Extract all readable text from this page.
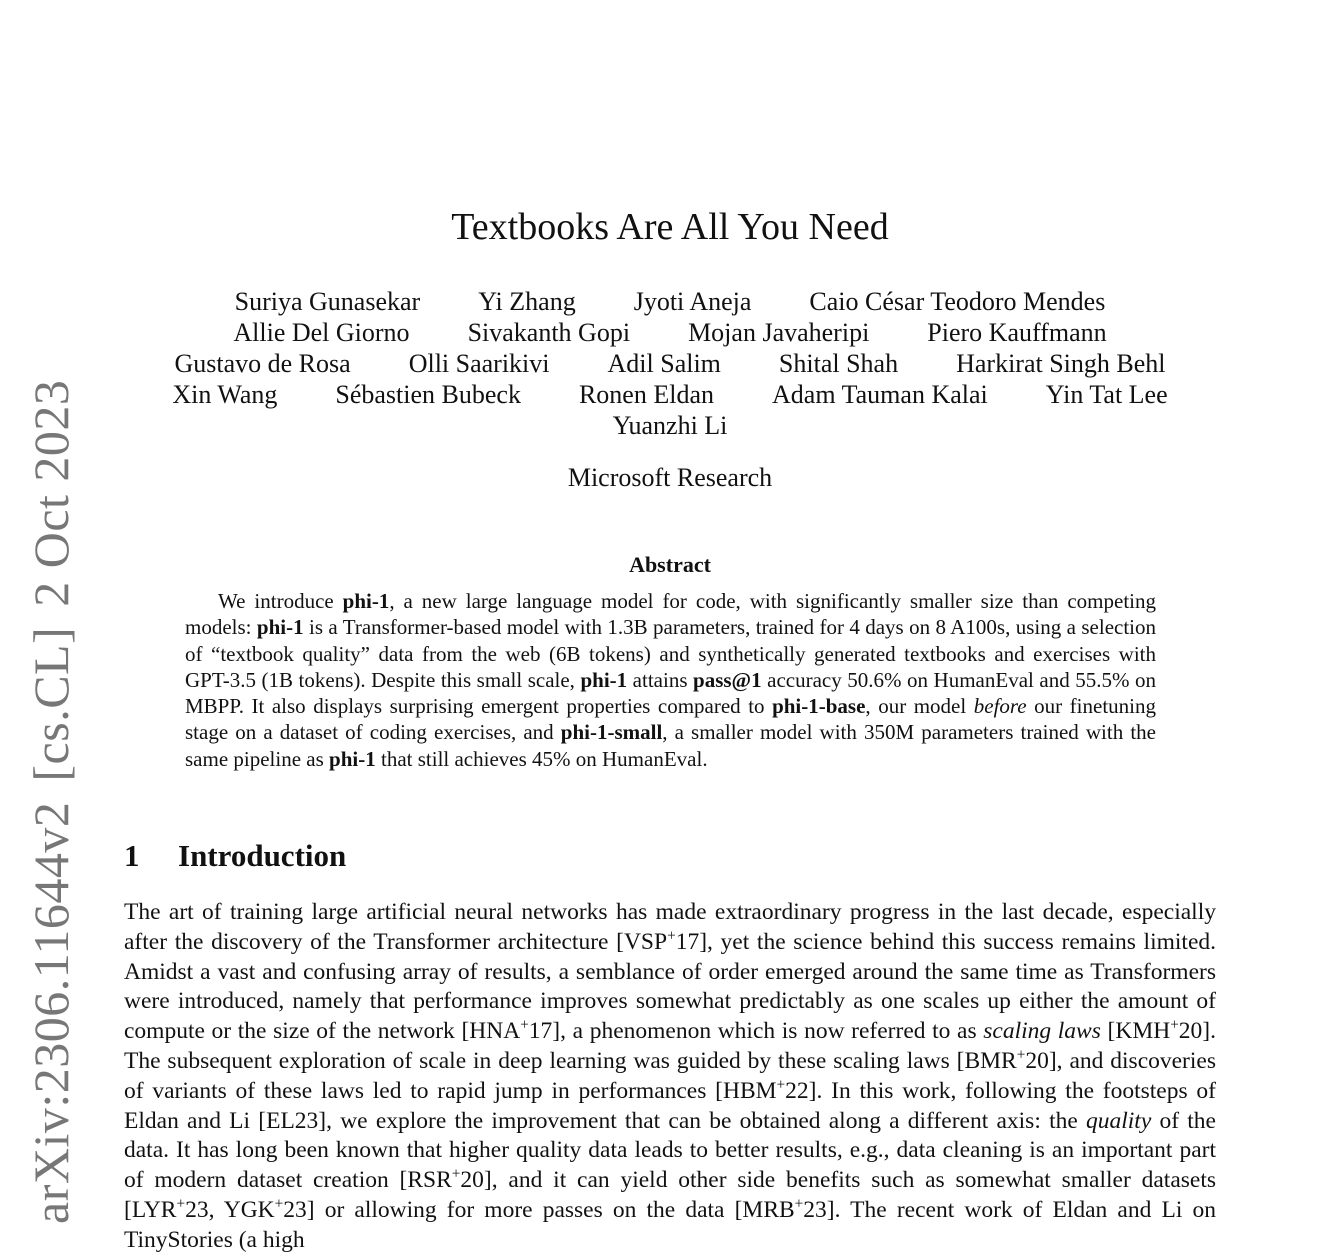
arXiv:2306.11644v2[cs.CL]2 Oct 2023
Textbooks Are All You Need
Suriya Gunasekar Yi Zhang Jyoti Aneja Caio César Teodoro Mendes
Allie Del Giorno Sivakanth Gopi Mojan Javaheripi Piero Kauffmann
Gustavo de Rosa Olli Saarikivi Adil Salim Shital Shah Harkirat Singh Behl
Xin Wang Sébastien Bubeck Ronen Eldan Adam Tauman Kalai Yin Tat Lee
Yuanzhi Li
Microsoft Research
Abstract

We introduce phi-1, a new large language model for code, with significantly smaller size than competing models: phi-1 is a Transformer-based model with 1.3B parameters, trained for 4 days on 8 A100s, using a selection of “textbook quality” data from the web (6B tokens) and synthetically generated textbooks and exercises with GPT-3.5 (1B tokens). Despite this small scale, phi-1 attains pass@1 accuracy 50.6% on HumanEval and 55.5% on MBPP. It also displays surprising emergent properties compared to phi-1-base, our model before our finetuning stage on a dataset of coding exercises, and phi-1-small, a smaller model with 350M parameters trained with the same pipeline as phi-1 that still achieves 45% on HumanEval.

1 Introduction

The art of training large artificial neural networks has made extraordinary progress in the last decade, especially after the discovery of the Transformer architecture [VSP+17], yet the science behind this success remains limited. Amidst a vast and confusing array of results, a semblance of order emerged around the same time as Transformers were introduced, namely that performance improves somewhat predictably as one scales up either the amount of compute or the size of the network [HNA+17], a phenomenon which is now referred to as scaling laws [KMH+20]. The subsequent exploration of scale in deep learning was guided by these scaling laws [BMR+20], and discoveries of variants of these laws led to rapid jump in performances [HBM+22]. In this work, following the footsteps of Eldan and Li [EL23], we explore the improvement that can be obtained along a different axis: the quality of the data. It has long been known that higher quality data leads to better results, e.g., data cleaning is an important part of modern dataset creation [RSR+20], and it can yield other side benefits such as somewhat smaller datasets [LYR+23, YGK+23] or allowing for more passes on the data [MRB+23]. The recent work of Eldan and Li on TinyStories (a high
